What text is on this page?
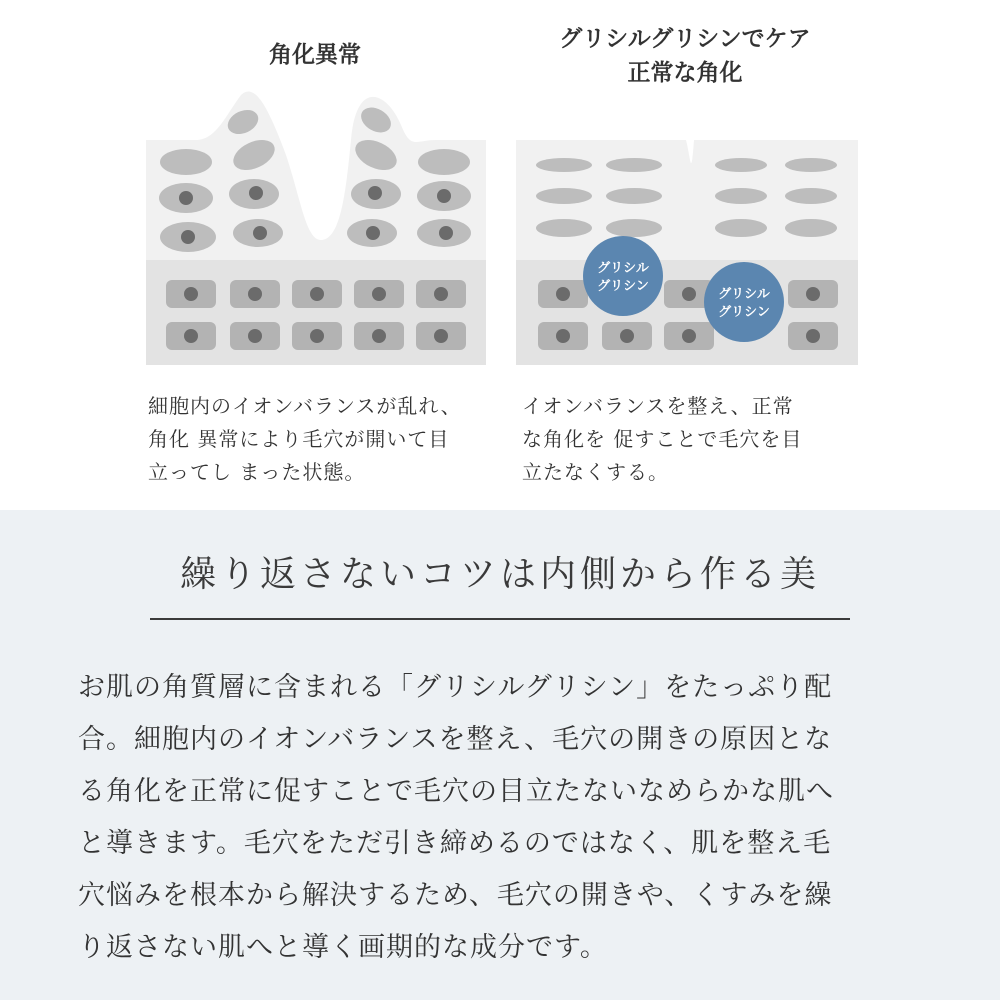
角化異常
グリシルグリシンでケア
正常な角化
グリシル
グリシン
グリシル
グリシン
細胞内のイオンバランスが乱れ、
角化 異常により毛穴が開いて目
立ってし まった状態。
イオンバランスを整え、正常
な角化を 促すことで毛穴を目
立たなくする。
繰り返さないコツは内側から作る美
お肌の角質層に含まれる「グリシルグリシン」をたっぷり配
合。細胞内のイオンバランスを整え、毛穴の開きの原因とな
る角化を正常に促すことで毛穴の目立たないなめらかな肌へ
と導きます。毛穴をただ引き締めるのではなく、肌を整え毛
穴悩みを根本から解決するため、毛穴の開きや、くすみを繰
り返さない肌へと導く画期的な成分です。
